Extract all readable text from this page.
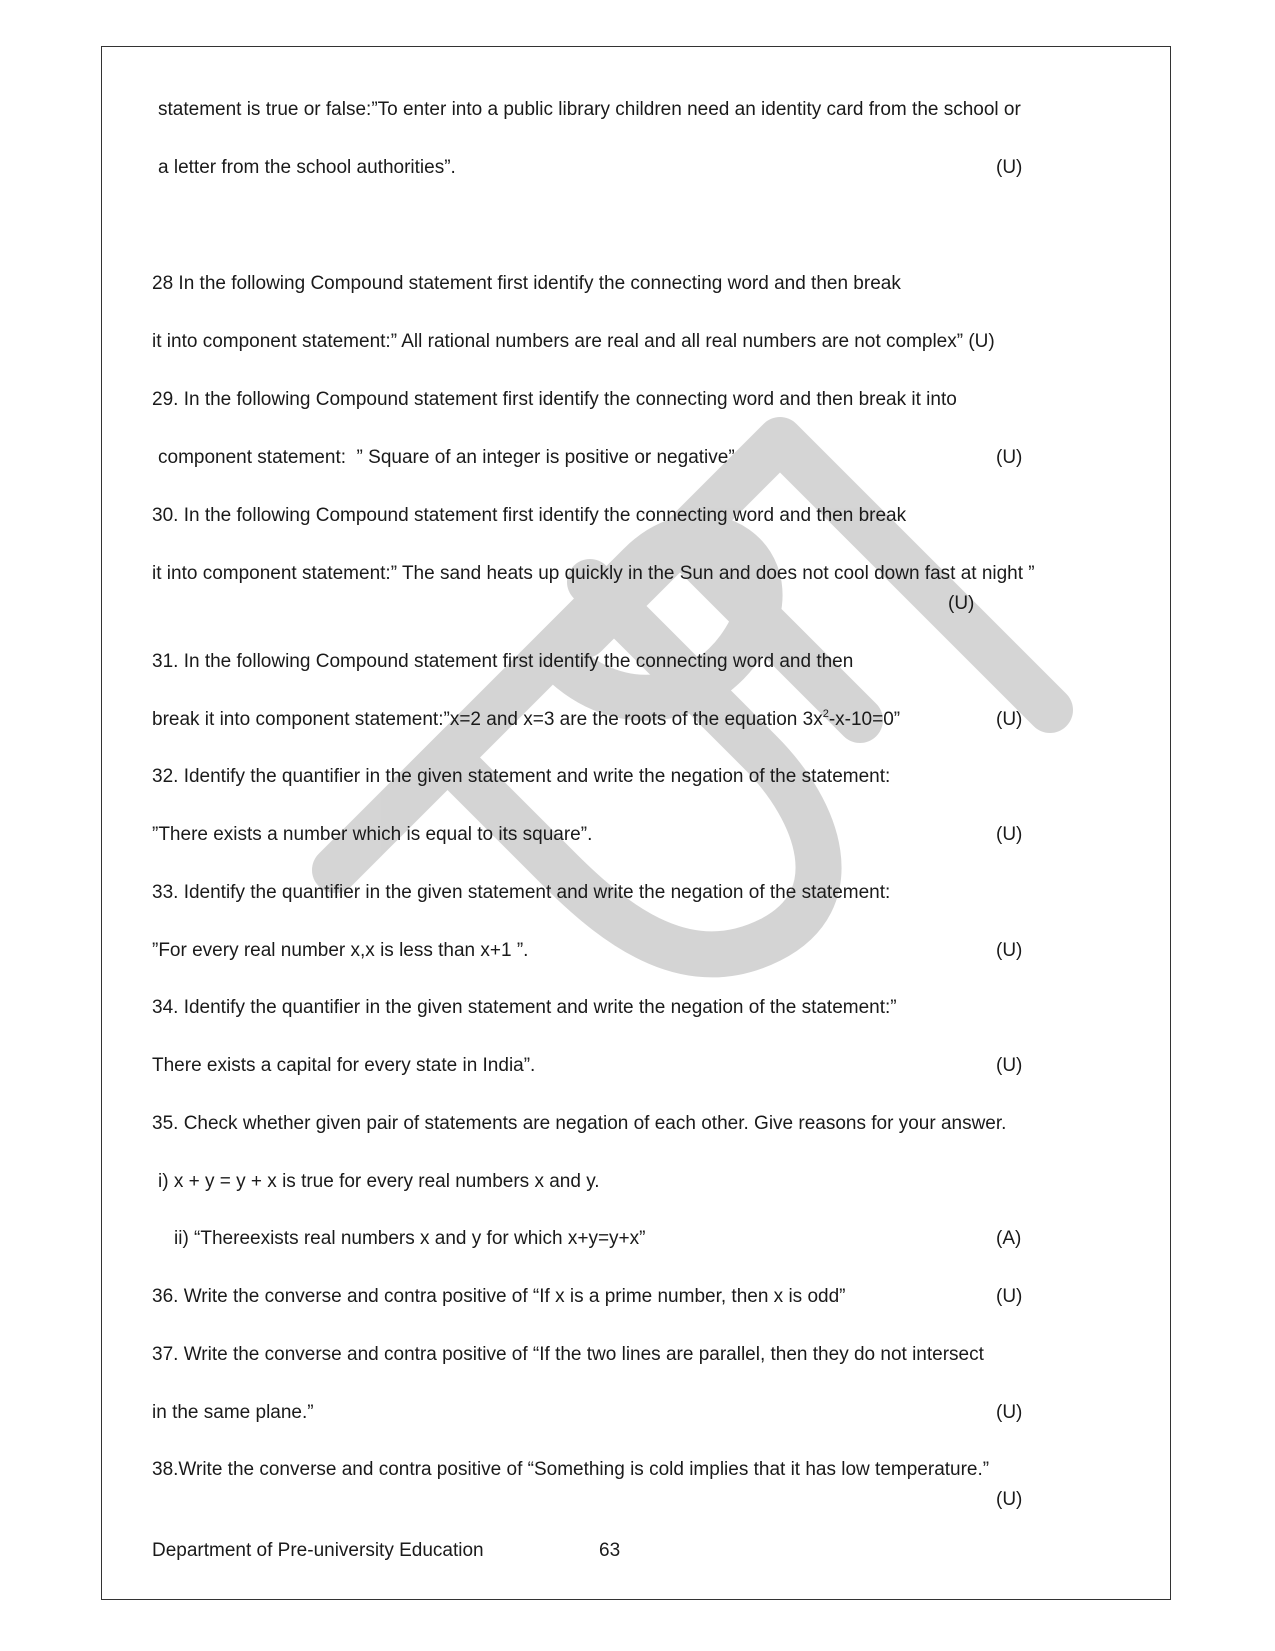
statement is true or false:”To enter into a public library children need an identity card from the school or
a letter from the school authorities”.	(U)
28 In the following Compound statement first identify the connecting word and then break
it into component statement:” All rational numbers are real and all real numbers are not complex” (U)
29. In the following Compound statement first identify the connecting word and then break it into
component statement:  ” Square of an integer is positive or negative”	(U)
30. In the following Compound statement first identify the connecting word and then break
it into component statement:” The sand heats up quickly in the Sun and does not cool down fast at night ”
(U)
31. In the following Compound statement first identify the connecting word and then
break it into component statement:”x=2 and x=3 are the roots of the equation $3x^2-x-10=0$”	(U)
32. Identify the quantifier in the given statement and write the negation of the statement:
”There exists a number which is equal to its square”.	(U)
33. Identify the quantifier in the given statement and write the negation of the statement:
”For every real number x,x is less than x+1 ”.	(U)
34. Identify the quantifier in the given statement and write the negation of the statement:”
There exists a capital for every state in India”.	(U)
35. Check whether given pair of statements are negation of each other. Give reasons for your answer.
i) x + y = y + x is true for every real numbers x and y.
ii) “Thereexists real numbers x and y for which x+y=y+x”	(A)
36. Write the converse and contra positive of “If x is a prime number, then x is odd”	(U)
37. Write the converse and contra positive of “If the two lines are parallel, then they do not intersect
in the same plane.”	(U)
38.Write the converse and contra positive of “Something is cold implies that it has low temperature.”
(U)
Department of Pre-university Education	63
